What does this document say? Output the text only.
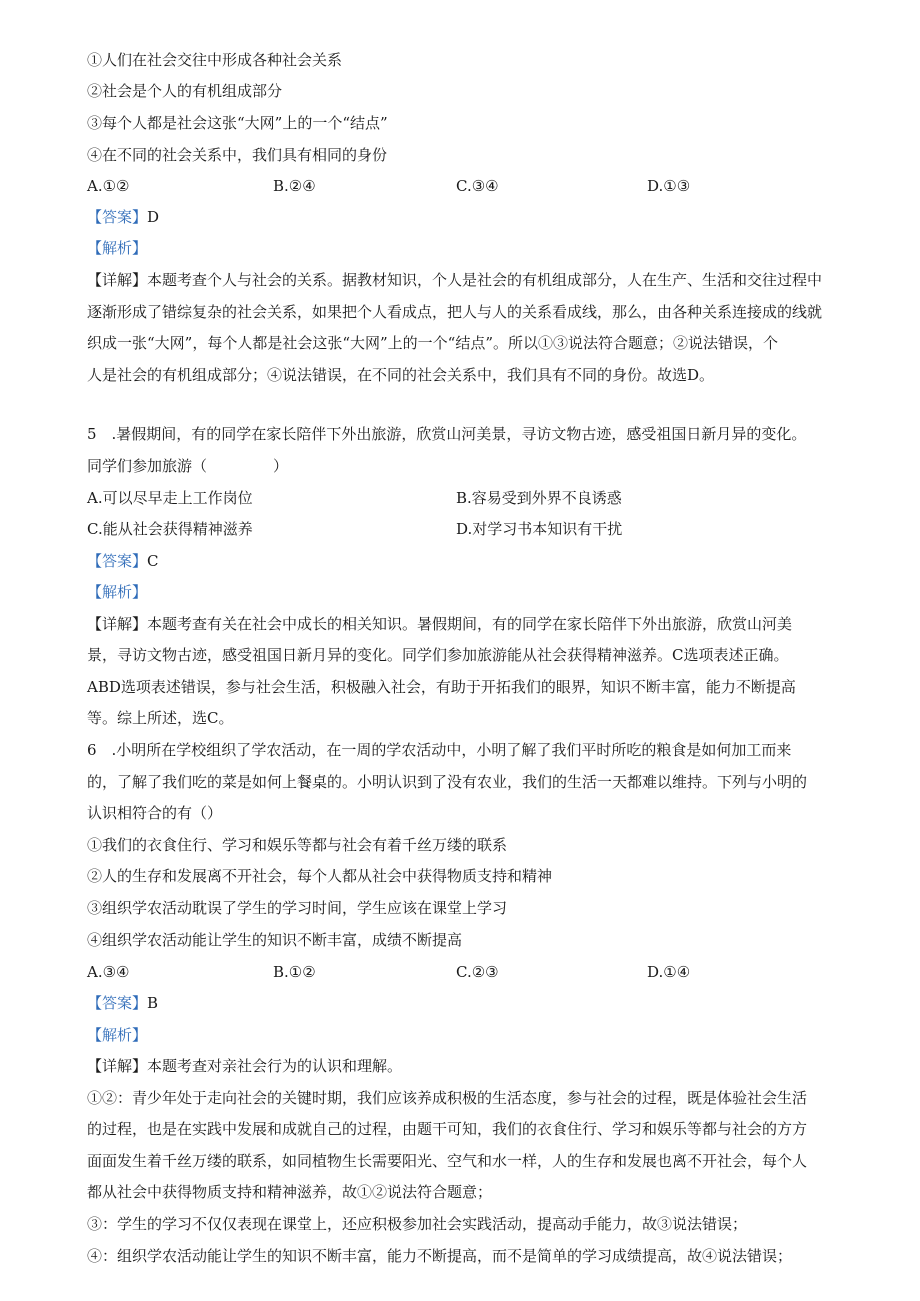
①人们在社会交往中形成各种社会关系
②社会是个人的有机组成部分
③每个人都是社会这张“大网”上的一个“结点”
④在不同的社会关系中，我们具有相同的身份
A.①②	B.②④	C.③④	D.①③
【答案】D
【解析】
【详解】本题考查个人与社会的关系。据教材知识，个人是社会的有机组成部分，人在生产、生活和交往过程中
逐渐形成了错综复杂的社会关系，如果把个人看成点，把人与人的关系看成线，那么，由各种关系连接成的线就
织成一张“大网”，每个人都是社会这张“大网”上的一个“结点”。所以①③说法符合题意；②说法错误，个
人是社会的有机组成部分；④说法错误，在不同的社会关系中，我们具有不同的身份。故选D。
5　.暑假期间，有的同学在家长陪伴下外出旅游，欣赏山河美景，寻访文物古迹，感受祖国日新月异的变化。
同学们参加旅游（	）
A.可以尽早走上工作岗位	B.容易受到外界不良诱惑
C.能从社会获得精神滋养	D.对学习书本知识有干扰
【答案】C
【解析】
【详解】本题考查有关在社会中成长的相关知识。暑假期间，有的同学在家长陪伴下外出旅游，欣赏山河美
景，寻访文物古迹，感受祖国日新月异的变化。同学们参加旅游能从社会获得精神滋养。C选项表述正确。
ABD选项表述错误，参与社会生活，积极融入社会，有助于开拓我们的眼界，知识不断丰富，能力不断提高
等。综上所述，选C。
6　.小明所在学校组织了学农活动，在一周的学农活动中，小明了解了我们平时所吃的粮食是如何加工而来
的，了解了我们吃的菜是如何上餐桌的。小明认识到了没有农业，我们的生活一天都难以维持。下列与小明的
认识相符合的有（）
①我们的衣食住行、学习和娱乐等都与社会有着千丝万缕的联系
②人的生存和发展离不开社会，每个人都从社会中获得物质支持和精神
③组织学农活动耽误了学生的学习时间，学生应该在课堂上学习
④组织学农活动能让学生的知识不断丰富，成绩不断提高
A.③④	B.①②	C.②③	D.①④
【答案】B
【解析】
【详解】本题考查对亲社会行为的认识和理解。
①②：青少年处于走向社会的关键时期，我们应该养成积极的生活态度，参与社会的过程，既是体验社会生活
的过程，也是在实践中发展和成就自己的过程，由题干可知，我们的衣食住行、学习和娱乐等都与社会的方方
面面发生着千丝万缕的联系，如同植物生长需要阳光、空气和水一样，人的生存和发展也离不开社会，每个人
都从社会中获得物质支持和精神滋养，故①②说法符合题意；
③：学生的学习不仅仅表现在课堂上，还应积极参加社会实践活动，提高动手能力，故③说法错误；
④：组织学农活动能让学生的知识不断丰富，能力不断提高，而不是简单的学习成绩提高，故④说法错误；
